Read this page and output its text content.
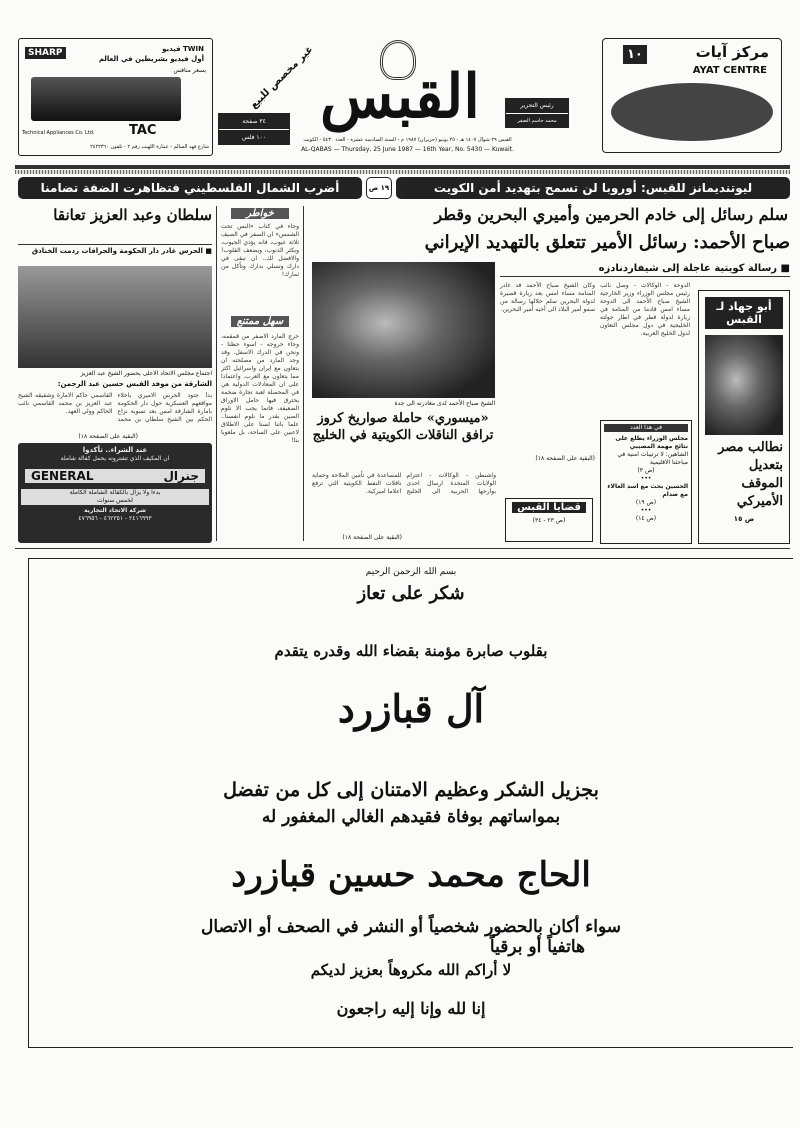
SHARP	TWIN فيديو
أول فيديو بشريطين في العالم
بسعر منافس
Technical Appliances Co. Ltd.	TAC
شارع فهد السالم - عمارة اللهيب رقم ٢ - تلفون ٢٤٢٢٣٦٠
٣٤ صفحة
١٠٠ فلس
غير مخصص للبيع القبس	رئيس التحرير
محمد جاسم الصقر
١٠	مركز آيات
AYAT CENTRE
القبس ٢٩ شوال ١٤٠٧ هـ - ٢٥ يونيو (حزيران) ١٩٨٧ م - السنة السادسة عشرة - العدد ٥٤٣٠ - الكويت
AL-QABAS — Thursday, 25 June 1987 — 16th Year, No. 5430 — Kuwait.
ليوتنديمانز للقبس: أوروبا لن تسمح بتهديد أمن الكويت
١٩ ص
أضرب الشمال الفلسطيني فتظاهرت الضفة تضامنا
سلم رسائل إلى خادم الحرمين وأميري البحرين وقطر
صباح الأحمد: رسائل الأمير تتعلق بالتهديد الإيراني
■ رسالة كويتية عاجلة إلى شيفاردنادزه
الشيخ صباح الأحمد لدى مغادرته الى جدة
الدوحة - الوكالات - وصل نائب رئيس مجلس الوزراء وزير الخارجية الشيخ صباح الأحمد الى الدوحة مساء امس قادما من المنامة في زيارة لدولة قطر في اطار جولته الخليجية في دول مجلس التعاون لدول الخليج العربية.
وكان الشيخ صباح الأحمد قد غادر المنامة مساء امس بعد زيارة قصيرة لدولة البحرين سلم خلالها رسالة من سمو أمير البلاد الى أخيه أمير البحرين.
(البقية على الصفحة ١٨)
أبو جهاد لـ القبس
نطالب مصر بتعديل الموقف الأميركي
ص ١٥
في هذا العدد
مجلس الوزراء يطلع على نتائج مهمة المصيبي
الشاهين: لا ترتيبات امنية في مباحثنا الاقليمية
(ص ٣)
•••
الحسين بحث مع اسد الغالاء مع صدام
(ص ١٩)
•••
(ص ١٤)
قضايا القبس
(ص ٢٣ - ٣٤)
«ميسوري» حاملة صواريخ كروز ترافق الناقلات الكويتية في الخليج
واشنطن - الوكالات - اعتزام الولايات المتحدة ارسال احدى بوارجها الحربية الى الخليج للمساعدة في تأمين الملاحة وحماية ناقلات النفط الكويتية التي ترفع اعلاما اميركية.
(البقية على الصفحة ١٨)
خواطر
وجاء في كتاب «البس تحت الشمس» ان السفر في الصيف ثلاثة عيوب، فانه يؤذي الجيوب، ويكثر الذنوب، ويضعف القلوب! والافضل لك.. ان تبقى في دارك وتسلي بدارك وتأكل من ثمارك!
سهل ممتنع
خرج المارد الاصفر من قمقمه، وجاء خروجه - اسوء حظنا - ونحن في الدرك الاسفل. وقد وجد المارد من مصلحته ان يتعاون مع ايران واسرائيل اكثر مما يتعاون مع العرب. واعتمادا على ان المعادلات الدولية هي في المحصلة لعبة تجارة ضخمة يحترق فيها حامل الاوراق الضعيفة، فانما يجب الا نلوم الصين بقدر ما نلوم انفسنا.. علما باننا لسنا على الاطلاق لاعبين على الساحة، بل ملعوبا بنا!
سلطان وعبد العزيز تعانقا
■ الحرس غادر دار الحكومة والجرافات ردمت الخنادق
اجتماع مجلس الاتحاد الاعلى بحضور الشيخ عبد العزيز
الشارقة من موفد القبس حسين عبد الرحمن:
بدأ جنود الحرس الاميري باخلاء مواقعهم العسكرية حول دار الحكومة بامارة الشارقة امس بعد تسوية نزاع الحكم بين الشيخ سلطان بن محمد القاسمي حاكم الامارة وشقيقه الشيخ عبد العزيز بن محمد القاسمي نائب الحاكم وولي العهد.
(البقية على الصفحة ١٨)
عند الشراء.. تأكدوا
ان المكيف الذي تشترونه يحمل كفالة شاملة
جنرال
GENERAL
بدءا ولا يزال بالكفالة الشاملة الكاملة
لخمس سنوات
شركة الاتحاد التجارية
٢٤١٦٩٩٣ - ٤٦٢٣٥١ - ٤٧٦٩٥٦
بسم الله الرحمن الرحيم
شكر على تعاز
بقلوب صابرة مؤمنة بقضاء الله وقدره يتقدم
آل قبازرد
بجزيل الشكر وعظيم الامتنان إلى كل من تفضل
بمواساتهم بوفاة فقيدهم الغالي المغفور له
الحاج محمد حسين قبازرد
سواء أكان بالحضور شخصياً أو النشر في الصحف أو الاتصال
هاتفياً أو برقياً
لا أراكم الله مكروهاً بعزيز لديكم
إنا لله وإنا إليه راجعون
